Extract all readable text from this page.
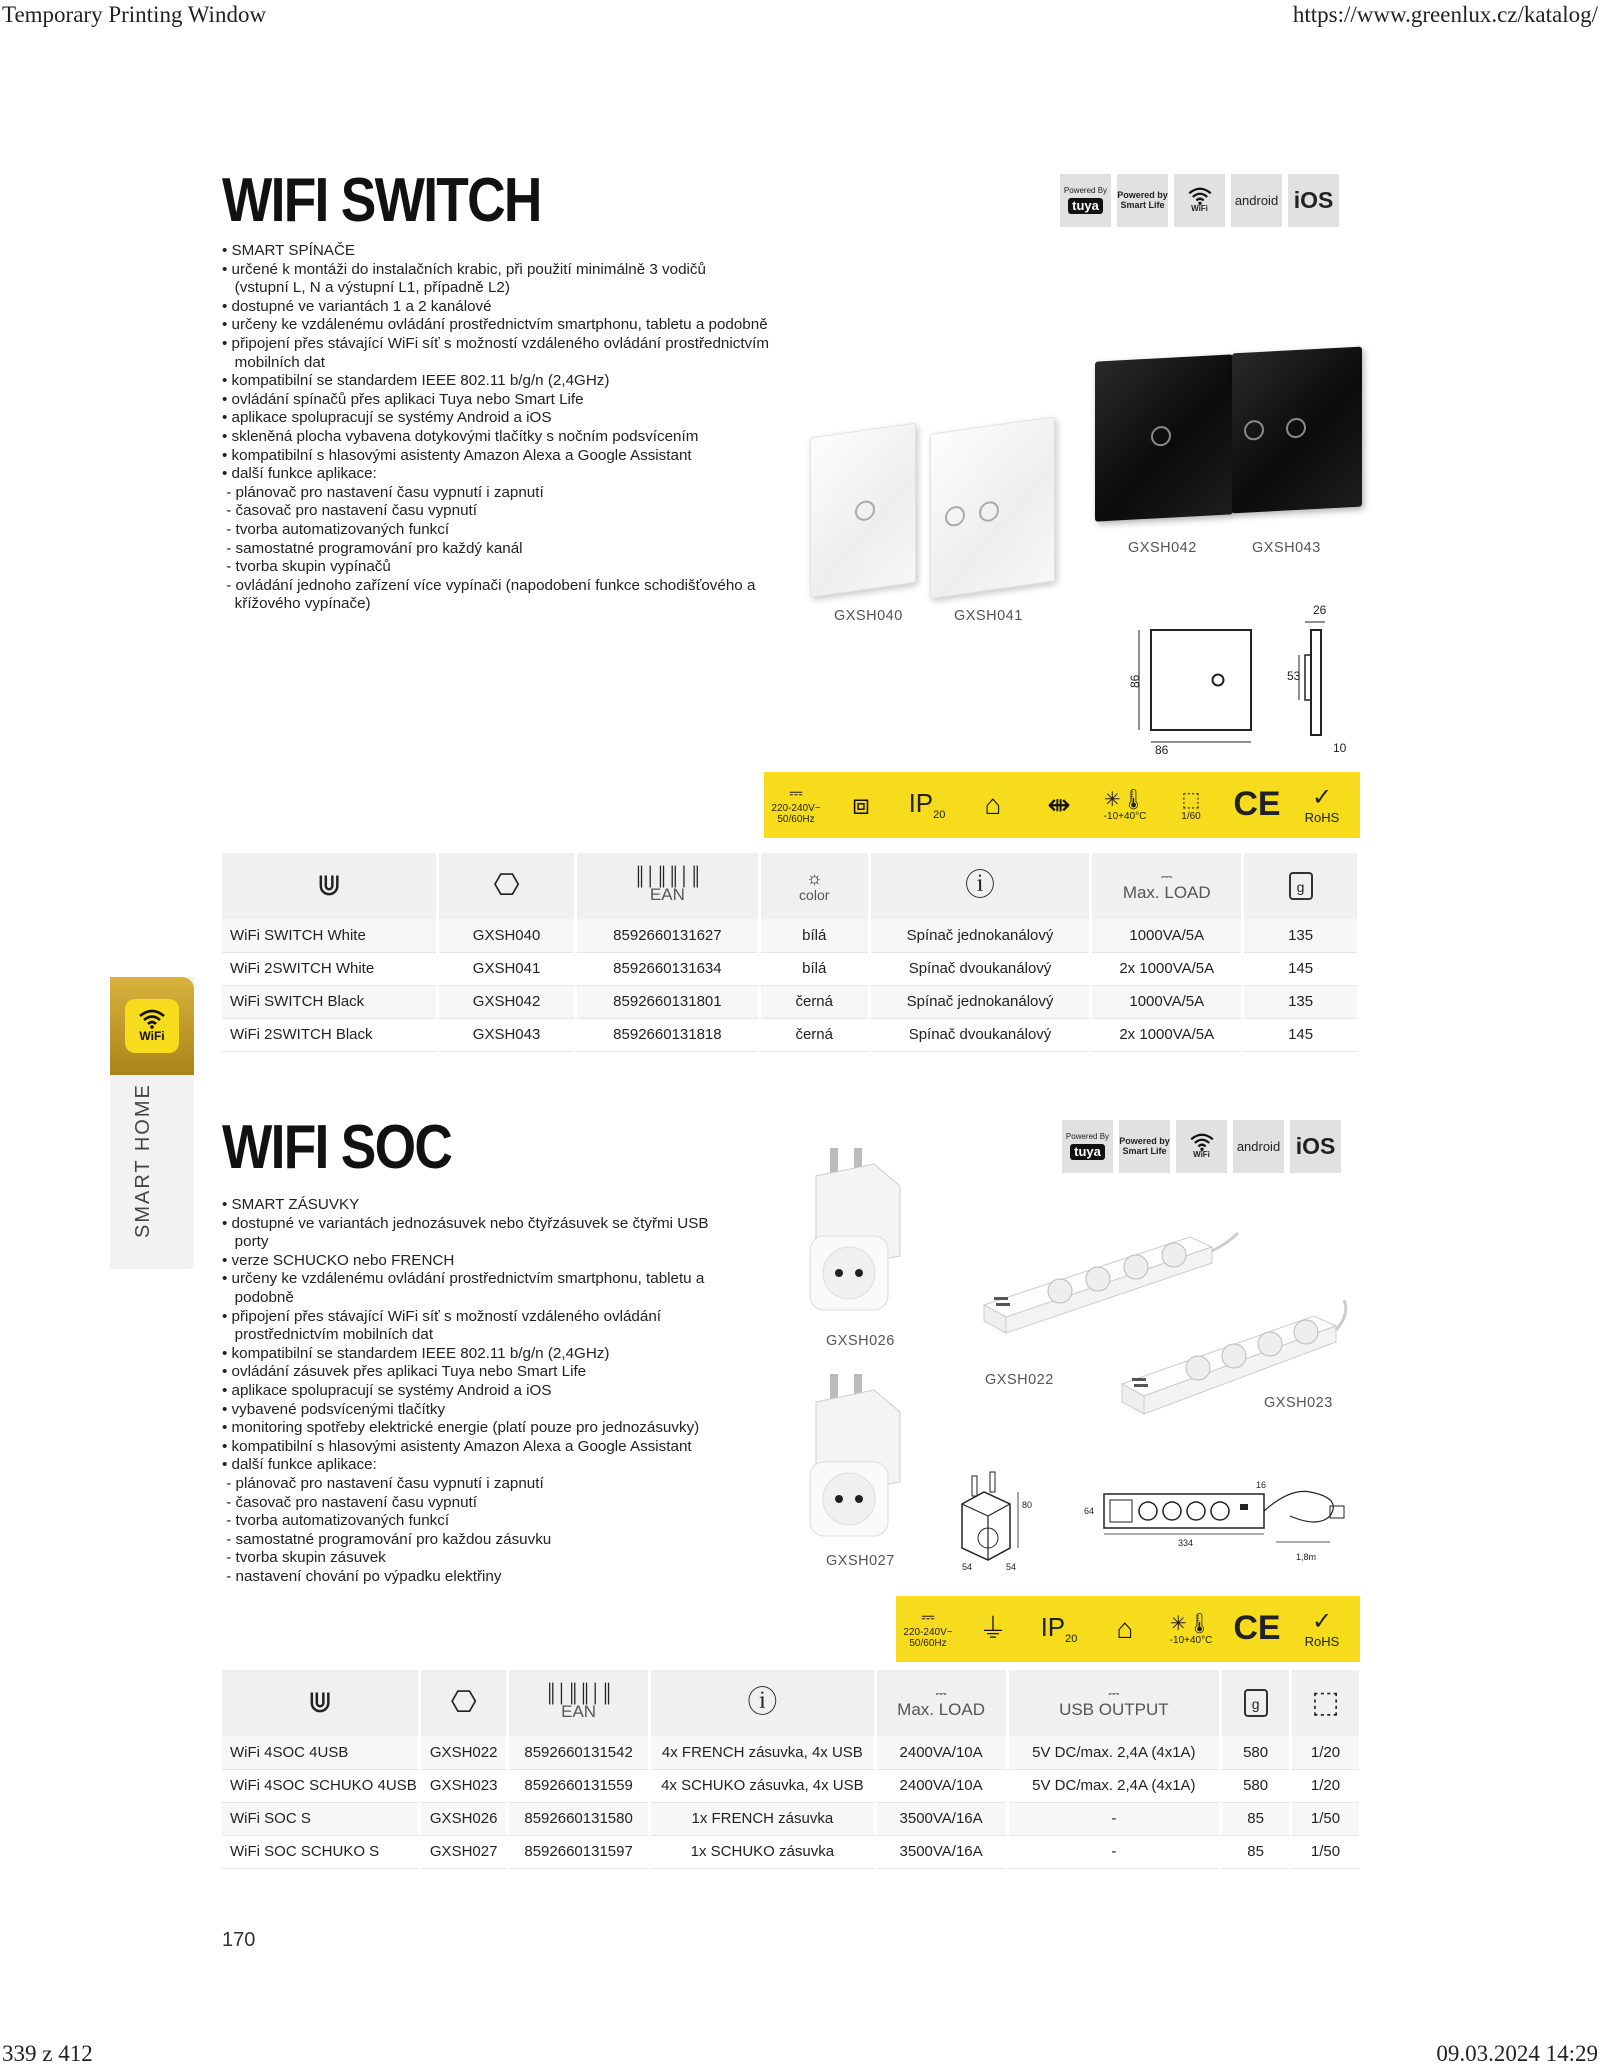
Temporary Printing Window	https://www.greenlux.cz/katalog/
339 z 412	09.03.2024 14:29
WiFi
SMART HOME
WIFI SWITCH
• SMART SPÍNAČE
• určené k montáži do instalačních krabic, při použití minimálně 3 vodičů
(vstupní L, N a výstupní L1, případně L2)
• dostupné ve variantách 1 a 2 kanálové
• určeny ke vzdálenému ovládání prostřednictvím smartphonu, tabletu a podobně
• připojení přes stávající WiFi síť s možností vzdáleného ovládání prostřednictvím
mobilních dat
• kompatibilní se standardem IEEE 802.11 b/g/n (2,4GHz)
• ovládání spínačů přes aplikaci Tuya nebo Smart Life
• aplikace spolupracují se systémy Android a iOS
• skleněná plocha vybavena dotykovými tlačítky s nočním podsvícením
• kompatibilní s hlasovými asistenty Amazon Alexa a Google Assistant
• další funkce aplikace:
- plánovač pro nastavení času vypnutí i zapnutí
- časovač pro nastavení času vypnutí
- tvorba automatizovaných funkcí
- samostatné programování pro každý kanál
- tvorba skupin vypínačů
- ovládání jednoho zařízení více vypínači (napodobení funkce schodišťového a
křížového vypínače)
Powered By
tuya
Powered by Smart Life	WiFi
android iOS
GXSH040	GXSH041
GXSH042	GXSH043
86
86
26
53
10
⎓
220-240V~ 50/60Hz	⧈ $IP_{20}$ ⌂ ⇼ ✳🌡
-10+40°C
⬚
1/60 CE ✓
RoHS
⋓	⎔	║│║║│║
EAN	☼
color	ⓘ	⎓
Max. LOAD	g
WiFi SWITCH White	GXSH040	8592660131627	bílá	Spínač jednokanálový	1000VA/5A	135
WiFi 2SWITCH White	GXSH041	8592660131634	bílá	Spínač dvoukanálový	2x 1000VA/5A	145
WiFi SWITCH Black	GXSH042	8592660131801	černá	Spínač jednokanálový	1000VA/5A	135
WiFi 2SWITCH Black	GXSH043	8592660131818	černá	Spínač dvoukanálový	2x 1000VA/5A	145
WIFI SOC
• SMART ZÁSUVKY
• dostupné ve variantách jednozásuvek nebo čtyřzásuvek se čtyřmi USB
porty
• verze SCHUCKO nebo FRENCH
• určeny ke vzdálenému ovládání prostřednictvím smartphonu, tabletu a
podobně
• připojení přes stávající WiFi síť s možností vzdáleného ovládání
prostřednictvím mobilních dat
• kompatibilní se standardem IEEE 802.11 b/g/n (2,4GHz)
• ovládání zásuvek přes aplikaci Tuya nebo Smart Life
• aplikace spolupracují se systémy Android a iOS
• vybavené podsvícenými tlačítky
• monitoring spotřeby elektrické energie (platí pouze pro jednozásuvky)
• kompatibilní s hlasovými asistenty Amazon Alexa a Google Assistant
• další funkce aplikace:
- plánovač pro nastavení času vypnutí i zapnutí
- časovač pro nastavení času vypnutí
- tvorba automatizovaných funkcí
- samostatné programování pro každou zásuvku
- tvorba skupin zásuvek
- nastavení chování po výpadku elektřiny
Powered By
tuya
Powered by Smart Life	WiFi
android iOS
GXSH026
GXSH022
GXSH023
GXSH027
80
54	54
334
64
16
1,8m
⎓
220-240V~ 50/60Hz	⏚ $IP_{20}$ ⌂ ✳🌡
-10+40°C CE ✓
RoHS
⋓	⎔	║│║║│║
EAN	ⓘ	⎓
Max. LOAD	⎓
USB OUTPUT	g	⬚

WiFi 4SOC 4USB	GXSH022	8592660131542	4x FRENCH zásuvka, 4x USB	2400VA/10A	5V DC/max. 2,4A (4x1A)	580	1/20
WiFi 4SOC SCHUKO 4USB	GXSH023	8592660131559	4x SCHUKO zásuvka, 4x USB	2400VA/10A	5V DC/max. 2,4A (4x1A)	580	1/20
WiFi SOC S	GXSH026	8592660131580	1x FRENCH zásuvka	3500VA/16A	-	85	1/50
WiFi SOC SCHUKO S	GXSH027	8592660131597	1x SCHUKO zásuvka	3500VA/16A	-	85	1/50
170
